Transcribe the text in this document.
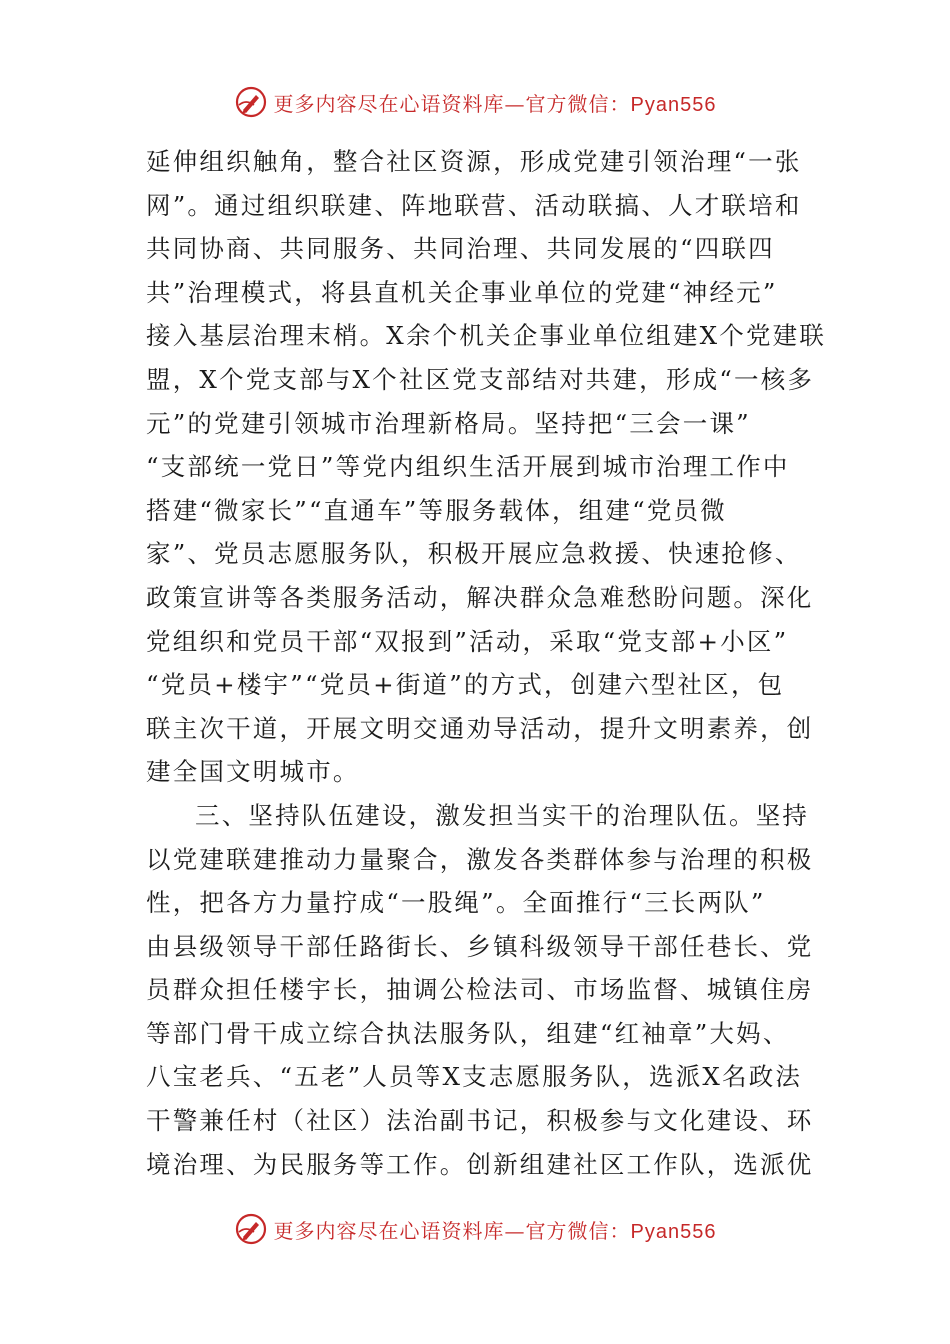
更多内容尽在心语资料库—官方微信：Pyan556
延伸组织触角，整合社区资源，形成党建引领治理“一张
网”。通过组织联建、阵地联营、活动联搞、人才联培和
共同协商、共同服务、共同治理、共同发展的“四联四
共”治理模式，将县直机关企事业单位的党建“神经元”
接入基层治理末梢。X余个机关企事业单位组建X个党建联
盟，X个党支部与X个社区党支部结对共建，形成“一核多
元”的党建引领城市治理新格局。坚持把“三会一课”
“支部统一党日”等党内组织生活开展到城市治理工作中
搭建“微家长”“直通车”等服务载体，组建“党员微
家”、党员志愿服务队，积极开展应急救援、快速抢修、
政策宣讲等各类服务活动，解决群众急难愁盼问题。深化
党组织和党员干部“双报到”活动，采取“党支部+小区”
“党员+楼宇”“党员+街道”的方式，创建六型社区，包
联主次干道，开展文明交通劝导活动，提升文明素养，创
建全国文明城市。
三、坚持队伍建设，激发担当实干的治理队伍。坚持
以党建联建推动力量聚合，激发各类群体参与治理的积极
性，把各方力量拧成“一股绳”。全面推行“三长两队”
由县级领导干部任路街长、乡镇科级领导干部任巷长、党
员群众担任楼宇长，抽调公检法司、市场监督、城镇住房
等部门骨干成立综合执法服务队，组建“红袖章”大妈、
八宝老兵、“五老”人员等X支志愿服务队，选派X名政法
干警兼任村（社区）法治副书记，积极参与文化建设、环
境治理、为民服务等工作。创新组建社区工作队，选派优
更多内容尽在心语资料库—官方微信：Pyan556
